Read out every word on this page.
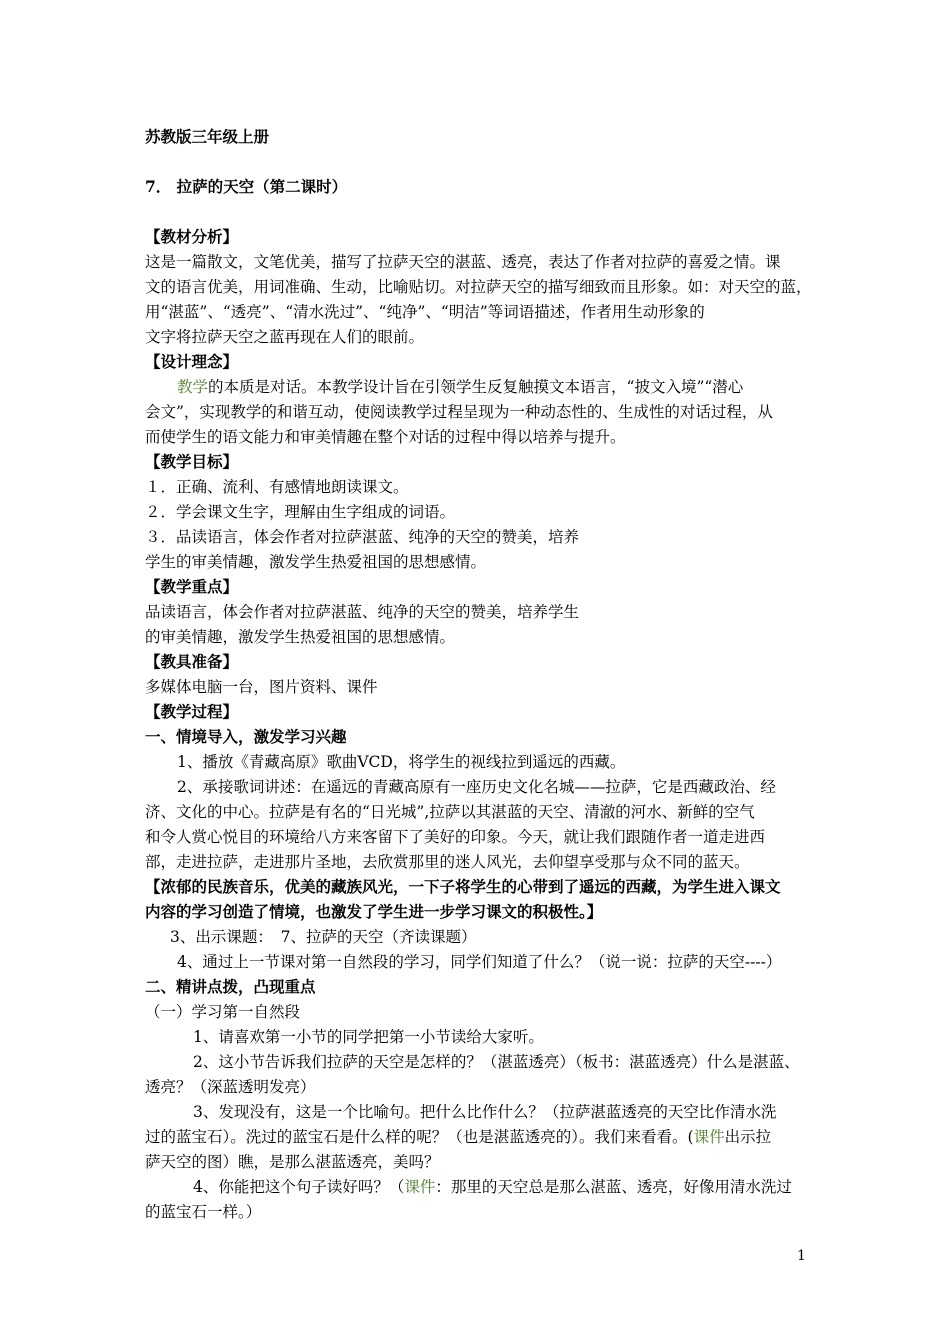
苏教版三年级上册
7． 拉萨的天空（第二课时）
【教材分析】
这是一篇散文，文笔优美，描写了拉萨天空的湛蓝、透亮，表达了作者对拉萨的喜爱之情。课
文的语言优美，用词准确、生动，比喻贴切。对拉萨天空的描写细致而且形象。如：对天空的蓝，
用“湛蓝”、“透亮”、“清水洗过”、“纯净”、“明洁”等词语描述，作者用生动形象的
文字将拉萨天空之蓝再现在人们的眼前。
【设计理念】
教学的本质是对话。本教学设计旨在引领学生反复触摸文本语言，“披文入境”“潜心
会文”，实现教学的和谐互动，使阅读教学过程呈现为一种动态性的、生成性的对话过程，从
而使学生的语文能力和审美情趣在整个对话的过程中得以培养与提升。
【教学目标】
１．正确、流利、有感情地朗读课文。
２．学会课文生字，理解由生字组成的词语。
３．品读语言，体会作者对拉萨湛蓝、纯净的天空的赞美，培养
学生的审美情趣，激发学生热爱祖国的思想感情。
【教学重点】
品读语言，体会作者对拉萨湛蓝、纯净的天空的赞美，培养学生
的审美情趣，激发学生热爱祖国的思想感情。
【教具准备】
多媒体电脑一台，图片资料、课件
【教学过程】
一、情境导入，激发学习兴趣
1、播放《青藏高原》歌曲VCD，将学生的视线拉到遥远的西藏。
2、承接歌词讲述：在遥远的青藏高原有一座历史文化名城——拉萨，它是西藏政治、经
济、文化的中心。拉萨是有名的“日光城”,拉萨以其湛蓝的天空、清澈的河水、新鲜的空气
和令人赏心悦目的环境给八方来客留下了美好的印象。今天，就让我们跟随作者一道走进西
部，走进拉萨，走进那片圣地，去欣赏那里的迷人风光，去仰望享受那与众不同的蓝天。
【浓郁的民族音乐，优美的藏族风光，一下子将学生的心带到了遥远的西藏，为学生进入课文
内容的学习创造了情境，也激发了学生进一步学习课文的积极性。】
3、出示课题：　7、拉萨的天空（齐读课题）
4、通过上一节课对第一自然段的学习，同学们知道了什么？（说一说：拉萨的天空----）
二、精讲点拨，凸现重点
（一）学习第一自然段
1、请喜欢第一小节的同学把第一小节读给大家听。
2、这小节告诉我们拉萨的天空是怎样的？（湛蓝透亮）（板书：湛蓝透亮）什么是湛蓝、
透亮？（深蓝透明发亮）
3、发现没有，这是一个比喻句。把什么比作什么？（拉萨湛蓝透亮的天空比作清水洗
过的蓝宝石）。洗过的蓝宝石是什么样的呢？（也是湛蓝透亮的）。我们来看看。(课件出示拉
萨天空的图）瞧，是那么湛蓝透亮，美吗？
4、你能把这个句子读好吗？（课件：那里的天空总是那么湛蓝、透亮，好像用清水洗过
的蓝宝石一样。）
1
